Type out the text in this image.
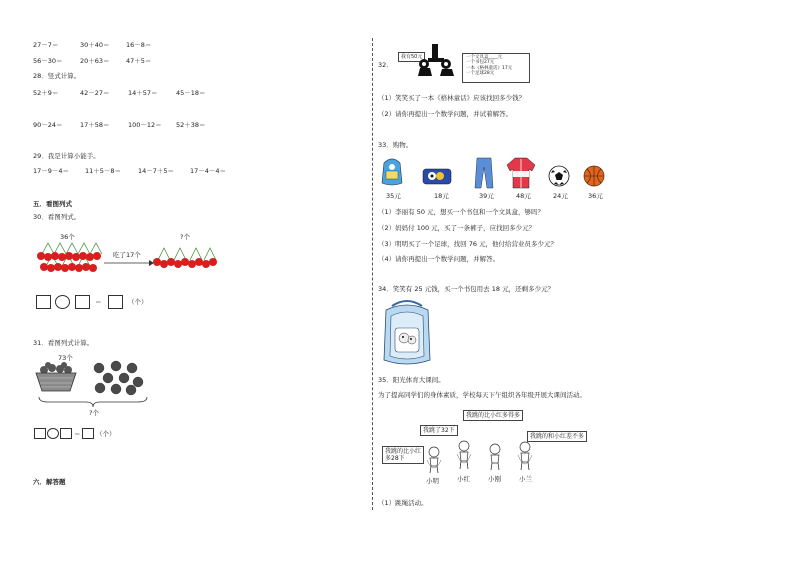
27－7＝	30＋40＝	16－8＝
56－30＝	20＋63＝	47＋5＝
28．竖式计算。
52＋9＝	42－27＝	14＋57＝	45－18＝
90－24＝	17＋58＝	100－12＝ 52＋38＝
29．我是计算小能手。
17－9－4＝ 11＋5－8＝	14－7＋5＝ 17－4－4＝
五．看图列式
30．看图列式。
36个
吃了17个
?个
＝	（个）
31．看图列式计算。
73个
?个
＝ （个）
六．解答题
32．
我有50元	一个文具盒____元
一个书包27元
一本《格林童话》17元
一个足球28元
（1）笑笑买了一本《格林童话》应该找回多少钱？
（2）请你再提出一个数学问题，并试着解答。
33．购物。
35元	18元	39元	48元	24元	36元
（1）李丽有 50 元，想买一个书包和一个文具盒，够吗？
（2）妈妈付 100 元，买了一条裤子，应找回多少元？
（3）明明买了一个足球，找回 76 元，他付给营业员多少元？
（4）请你再提出一个数学问题，并解答。
34．笑笑有 25 元钱，买一个书包用去 18 元，还剩多少元？
35．阳光体育大课间。
为了提高同学们的身体素质，学校每天下午组织各年级开展大课间活动。
我跳了32下
我跳的比小红多得多
我跳的和小红差不多
我跳的比小红多28下
小明	小红	小刚	小兰
（1）跳绳活动。
